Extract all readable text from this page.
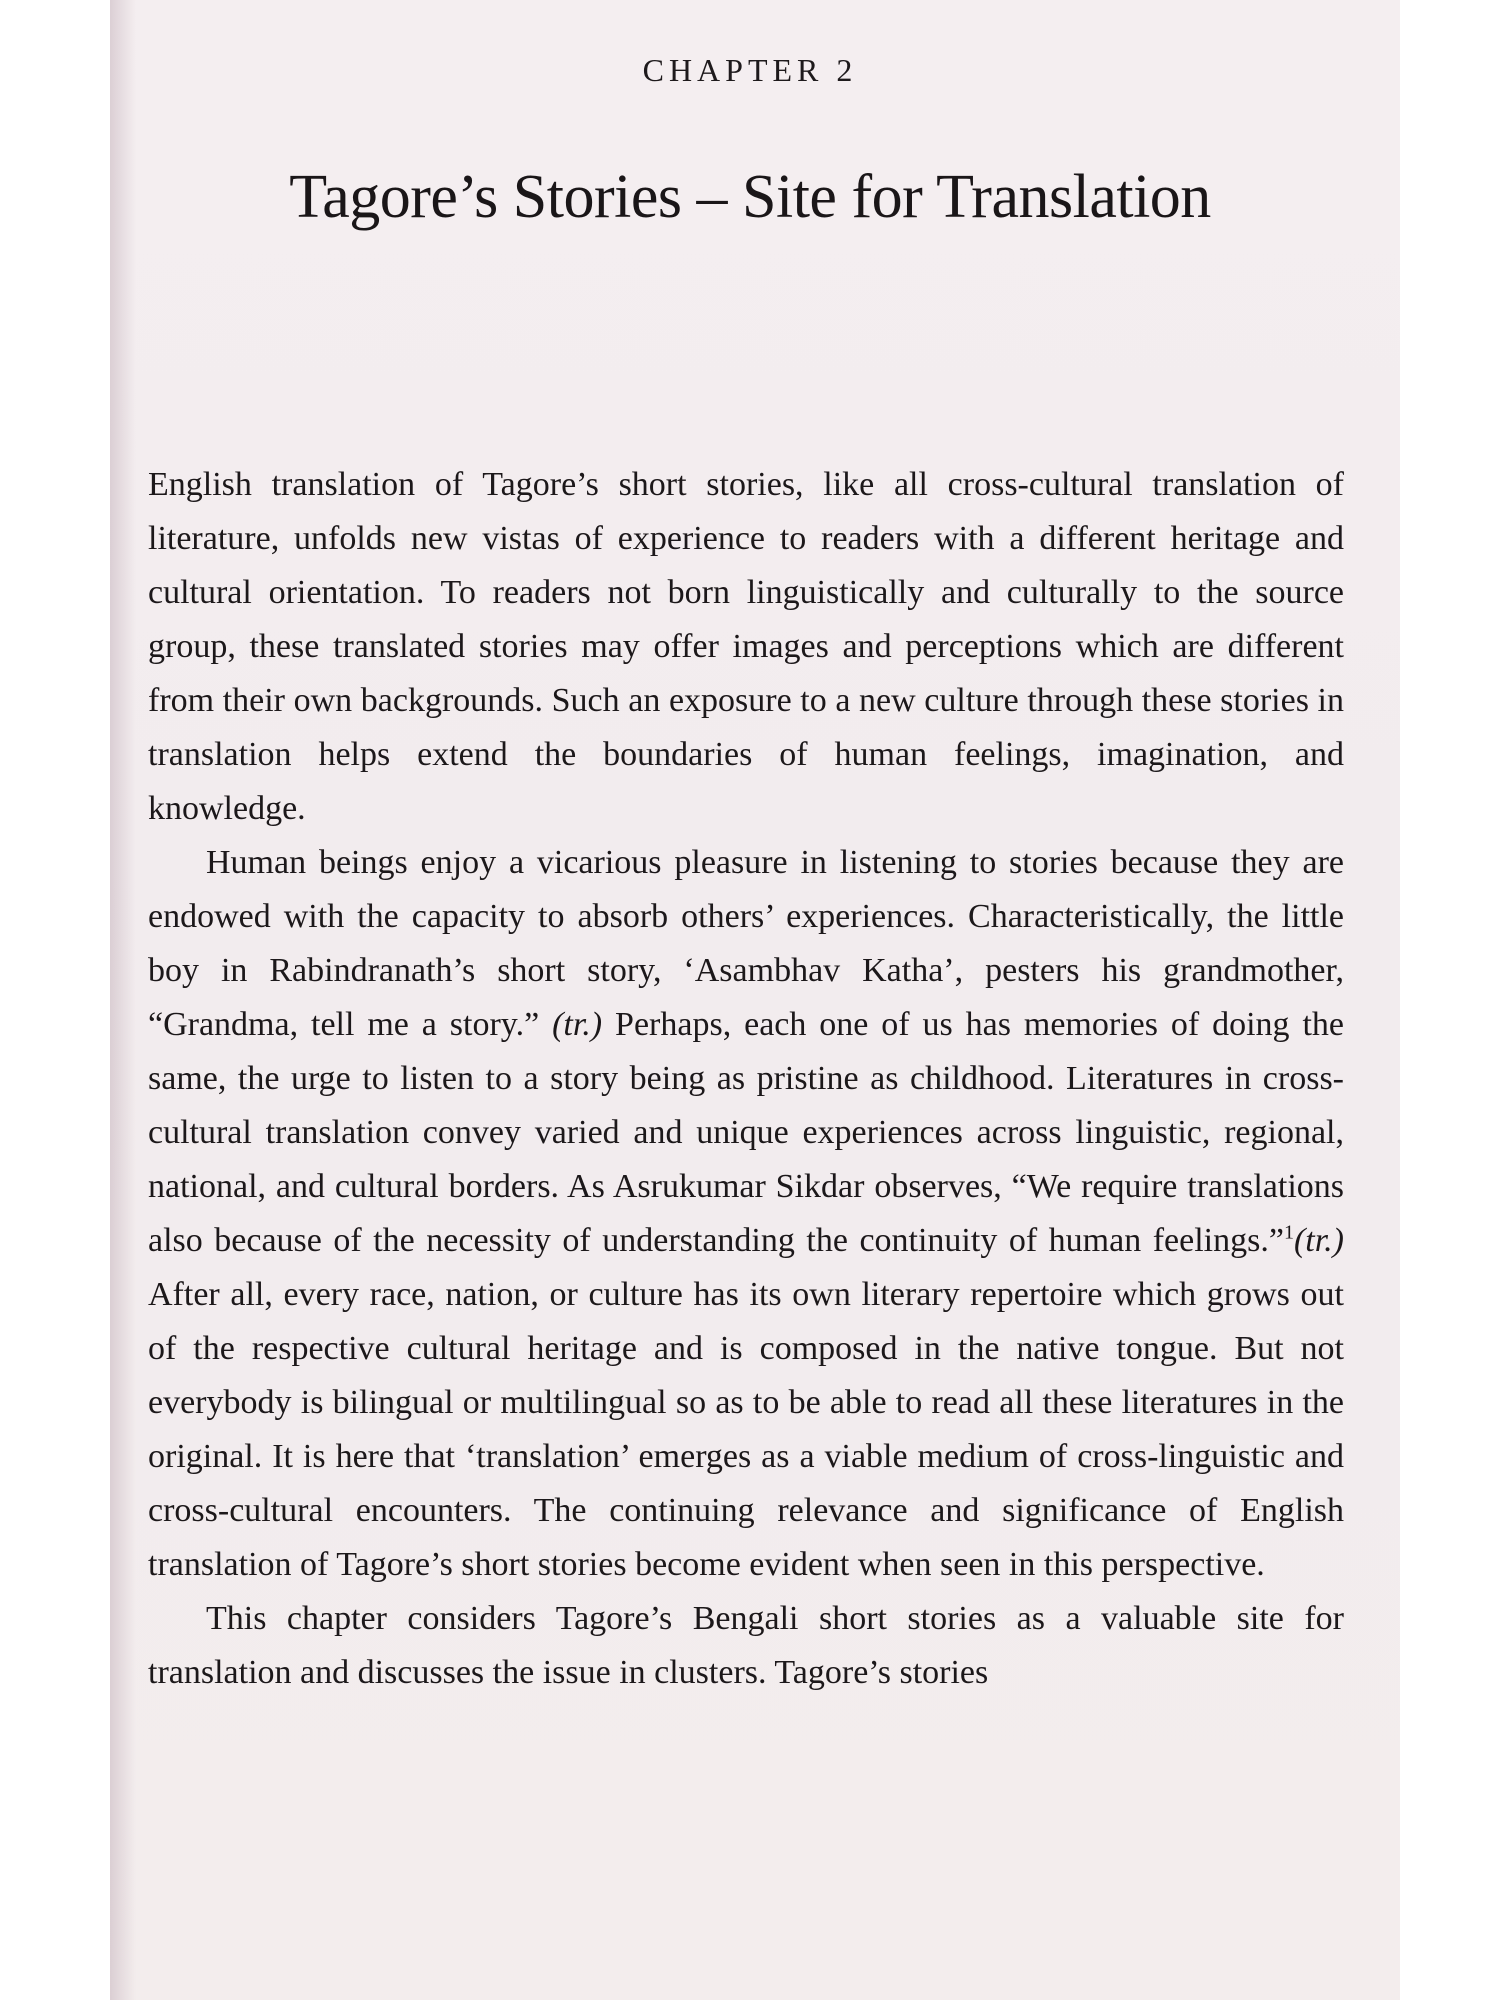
CHAPTER 2
Tagore’s Stories – Site for Translation

English translation of Tagore’s short stories, like all cross-cultural translation of literature, unfolds new vistas of experience to readers with a different heritage and cultural orientation. To readers not born linguistically and culturally to the source group, these translated stories may offer images and perceptions which are different from their own backgrounds. Such an exposure to a new culture through these stories in translation helps extend the boundaries of human feelings, imagination, and knowledge.

Human beings enjoy a vicarious pleasure in listening to stories because they are endowed with the capacity to absorb others’ experiences. Characteristically, the little boy in Rabindranath’s short story, ‘Asambhav Katha’, pesters his grandmother, “Grandma, tell me a story.” (tr.) Perhaps, each one of us has memories of doing the same, the urge to listen to a story being as pristine as childhood. Literatures in cross-cultural translation convey varied and unique experiences across linguistic, regional, national, and cultural borders. As Asrukumar Sikdar observes, “We require translations also because of the necessity of understanding the continuity of human feelings.”$^1$(tr.) After all, every race, nation, or culture has its own literary repertoire which grows out of the respective cultural heritage and is composed in the native tongue. But not everybody is bilingual or multilingual so as to be able to read all these literatures in the original. It is here that ‘translation’ emerges as a viable medium of cross-linguistic and cross-cultural encounters. The continuing relevance and significance of English translation of Tagore’s short stories become evident when seen in this perspective.

This chapter considers Tagore’s Bengali short stories as a valuable site for translation and discusses the issue in clusters. Tagore’s stories
